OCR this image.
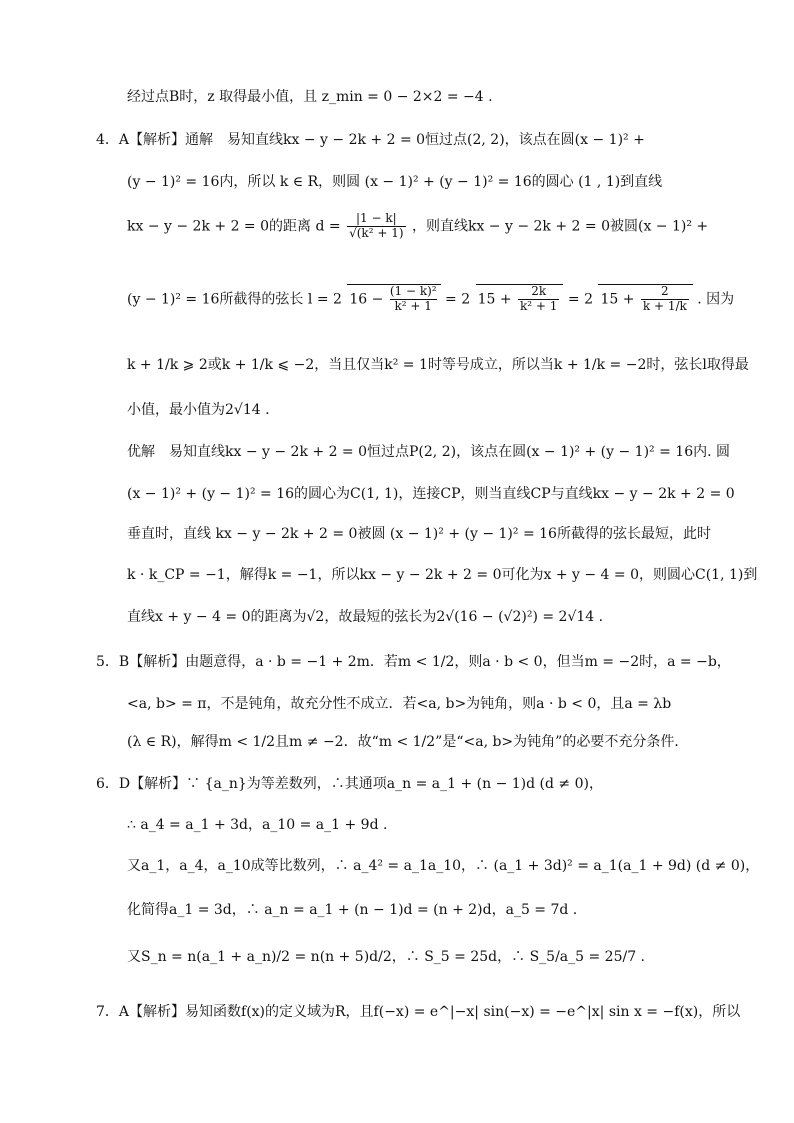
经过点B时，z 取得最小值，且 z_min = 0 − 2×2 = −4 .
4．A【解析】通解　易知直线kx − y − 2k + 2 = 0恒过点(2, 2)，该点在圆(x − 1)² +
(y − 1)² = 16内，所以 k ∈ R，则圆 (x − 1)² + (y − 1)² = 16的圆心 (1 , 1)到直线
kx − y − 2k + 2 = 0的距离 $d = \frac{|1 - k|}{\text{√(k² + 1)}}$ ，则直线kx − y − 2k + 2 = 0被圆(x − 1)² +
(y − 1)² = 16所截得的弦长 l = 2 $16 - \frac{\text{(1 − k)²}}{\text{k² + 1}} = 2$ $15 + \frac{2k}{\text{k² + 1}} = 2$ $15 + \frac{2}{k + 1/k}$ . 因为
k + 1/k ⩾ 2或k + 1/k ⩽ −2，当且仅当k² = 1时等号成立，所以当k + 1/k = −2时，弦长l取得最
小值，最小值为2√14 .
优解　易知直线kx − y − 2k + 2 = 0恒过点P(2, 2)，该点在圆(x − 1)² + (y − 1)² = 16内. 圆
(x − 1)² + (y − 1)² = 16的圆心为C(1, 1)，连接CP，则当直线CP与直线kx − y − 2k + 2 = 0
垂直时，直线 kx − y − 2k + 2 = 0被圆 (x − 1)² + (y − 1)² = 16所截得的弦长最短，此时
k · k_CP = −1，解得k = −1，所以kx − y − 2k + 2 = 0可化为x + y − 4 = 0，则圆心C(1, 1)到
直线x + y − 4 = 0的距离为√2，故最短的弦长为2√(16 − (√2)²) = 2√14 .
5．B【解析】由题意得，a · b = −1 + 2m．若m < 1/2，则a · b < 0，但当m = −2时，a = −b，
<a, b> = π，不是钝角，故充分性不成立．若<a, b>为钝角，则a · b < 0，且a = λb
(λ ∈ R)，解得m < 1/2且m ≠ −2．故“m < 1/2”是“<a, b>为钝角”的必要不充分条件．
6．D【解析】∵ {a_n}为等差数列，∴其通项a_n = a_1 + (n − 1)d (d ≠ 0)，
∴ a_4 = a_1 + 3d，a_10 = a_1 + 9d .
又a_1，a_4，a_10成等比数列，∴ a_4² = a_1a_10，∴ (a_1 + 3d)² = a_1(a_1 + 9d) (d ≠ 0)，
化简得a_1 = 3d，∴ a_n = a_1 + (n − 1)d = (n + 2)d，a_5 = 7d .
又S_n = n(a_1 + a_n)/2 = n(n + 5)d/2，∴ S_5 = 25d，∴ S_5/a_5 = 25/7 .
7．A【解析】易知函数f(x)的定义域为R，且f(−x) = e^|−x| sin(−x) = −e^|x| sin x = −f(x)，所以
